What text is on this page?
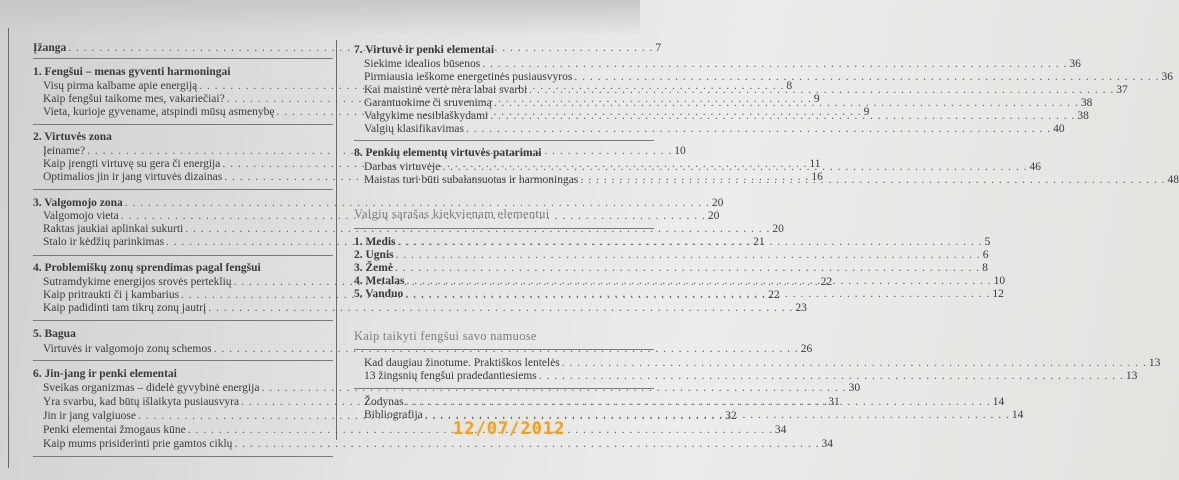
Įžanga . . .	7
1. Fengšui – menas gyventi harmoningai
Visų pirma kalbame apie energiją . . .	8
Kaip fengšui taikome mes, vakariečiai? . . .	9
Vieta, kurioje gyvename, atspindi mūsų asmenybę . . .	9
2. Virtuvės zona
Įeiname? . . .	10
Kaip įrengti virtuvę su gera či energija . . .	11
Optimalios jin ir jang virtuvės dizainas . . .	16
3. Valgomojo zona . . .	20
Valgomojo vieta . . .	20
Raktas jaukiai aplinkai sukurti . . .	20
Stalo ir kėdžių parinkimas . . .	21
4. Problemiškų zonų sprendimas pagal fengšui
Sutramdykime energijos srovės perteklių . . .	22
Kaip pritraukti či į kambarius . . .	22
Kaip padidinti tam tikrų zonų jautrį . . .	23
5. Bagua
Virtuvės ir valgomojo zonų schemos . . .	26
6. Jin-jang ir penki elementai
Sveikas organizmas – didelė gyvybinė energija . . .	30
Yra svarbu, kad būtų išlaikyta pusiausvyra . . .	31
Jin ir jang valgiuose . . .	32
Penki elementai žmogaus kūne . . .	34
Kaip mums prisiderinti prie gamtos ciklų . . .	34
7. Virtuvė ir penki elementai
Siekime idealios būsenos . . .	36
Pirmiausia ieškome energetinės pusiausvyros . . .	36
Kai maistinė vertė nėra labai svarbi . . .	37
Garantuokime či sruvenimą . . .	38
Valgykime nesiblaškydami . . .	38
Valgių klasifikavimas . . .	40
8. Penkių elementų virtuvės patarimai
Darbas virtuvėje . . .	46
Maistas turi būti subalansuotas ir harmoningas . . .	48
Valgių sąrašas kiekvienam elementui
1. Medis . . .	5
2. Ugnis . . .	6
3. Žemė . . .	8
4. Metalas . . .	10
5. Vanduo . . .	12
Kaip taikyti fengšui savo namuose
Kad daugiau žinotume. Praktiškos lentelės . . .	13
13 žingsnių fengšui pradedantiesiems . . .	13
Žodynas . . .	14
Bibliografija . . .	14
12/07/2012
